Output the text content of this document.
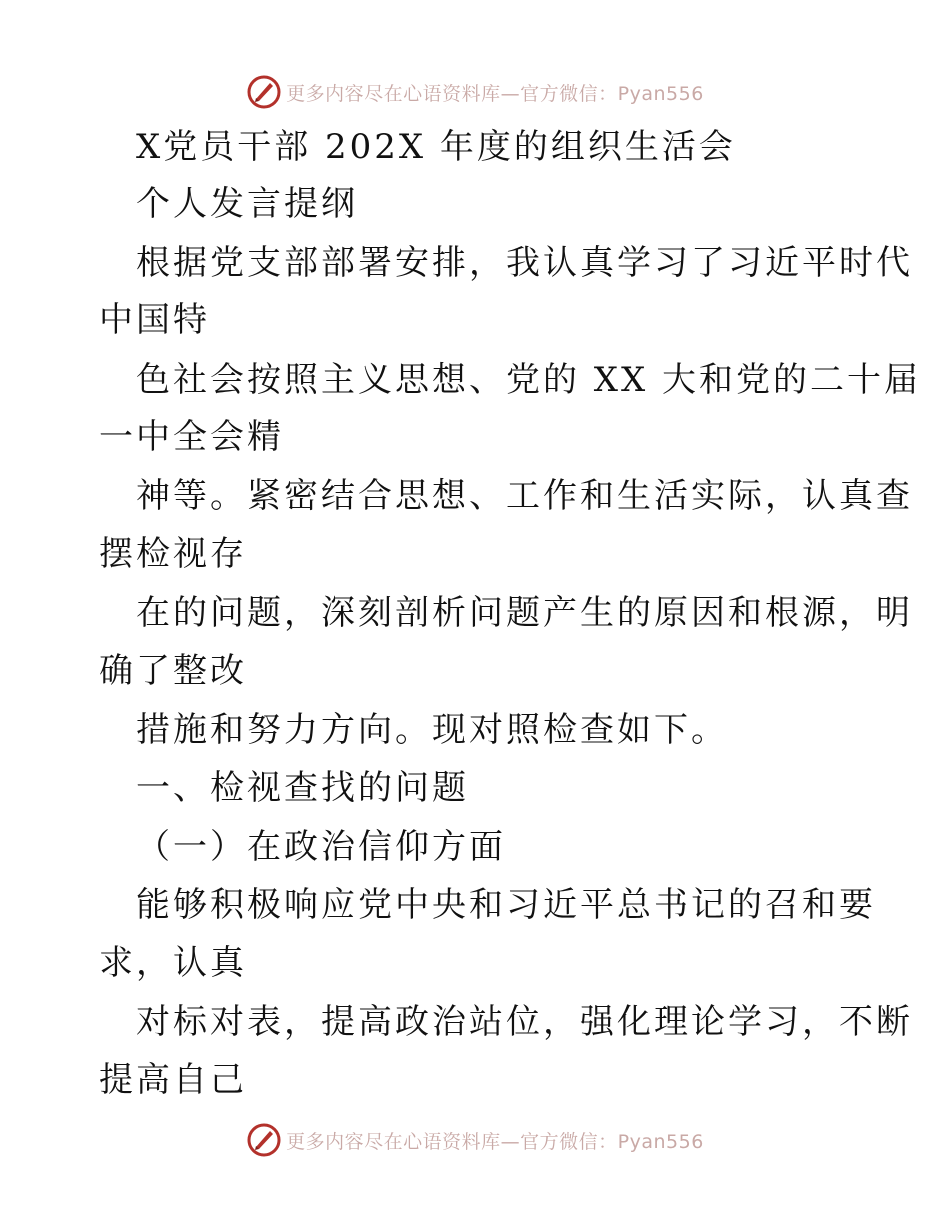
更多内容尽在心语资料库—官方微信：Pyan556
X党员干部 202X 年度的组织生活会
个人发言提纲
根据党支部部署安排，我认真学习了习近平时代
中国特
色社会按照主义思想、党的 XX 大和党的二十届
一中全会精
神等。紧密结合思想、工作和生活实际，认真查
摆检视存
在的问题，深刻剖析问题产生的原因和根源，明
确了整改
措施和努力方向。现对照检查如下。
一、检视查找的问题
（一）在政治信仰方面
能够积极响应党中央和习近平总书记的召和要
求，认真
对标对表，提高政治站位，强化理论学习，不断
提高自己
更多内容尽在心语资料库—官方微信：Pyan556
